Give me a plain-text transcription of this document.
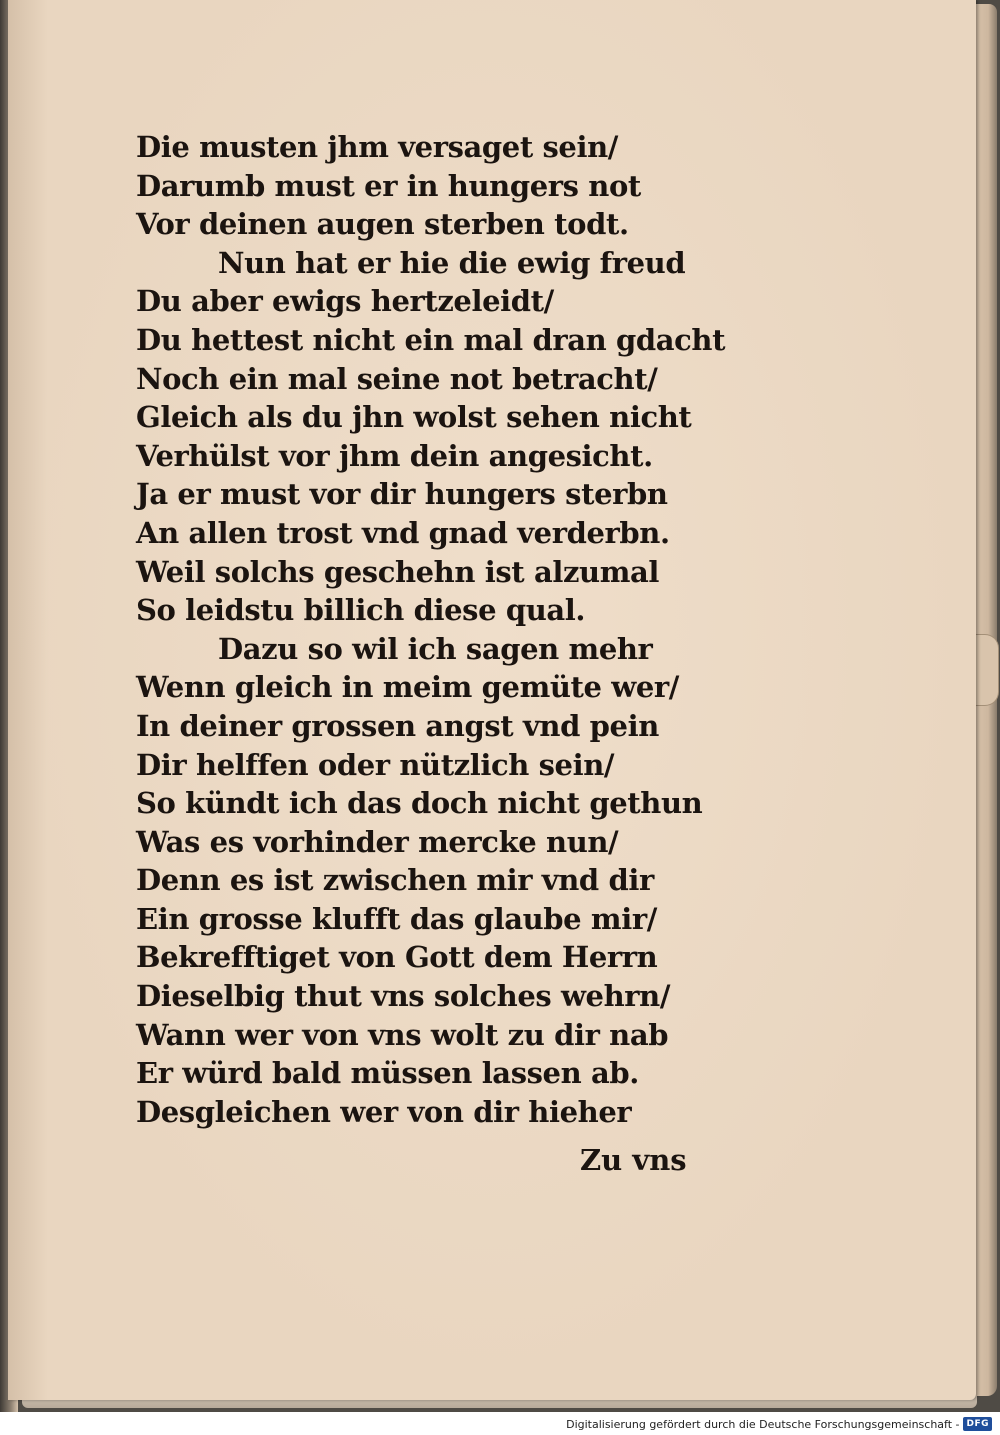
Die musten jhm versaget sein/
Darumb must er in hungers not
Vor deinen augen sterben todt.
Nun hat er hie die ewig freud
Du aber ewigs hertzeleidt/
Du hettest nicht ein mal dran gdacht
Noch ein mal seine not betracht/
Gleich als du jhn wolst sehen nicht
Verhülst vor jhm dein angesicht.
Ja er must vor dir hungers sterbn
An allen trost vnd gnad verderbn.
Weil solchs geschehn ist alzumal
So leidstu billich diese qual.
Dazu so wil ich sagen mehr
Wenn gleich in meim gemüte wer/
In deiner grossen angst vnd pein
Dir helffen oder nützlich sein/
So kündt ich das doch nicht gethun
Was es vorhinder mercke nun/
Denn es ist zwischen mir vnd dir
Ein grosse klufft das glaube mir/
Bekrefftiget von Gott dem Herrn
Dieselbig thut vns solches wehrn/
Wann wer von vns wolt zu dir nab
Er würd bald müssen lassen ab.
Desgleichen wer von dir hieher
Zu vns
Digitalisierung gefördert durch die Deutsche Forschungsgemeinschaft - DFG
